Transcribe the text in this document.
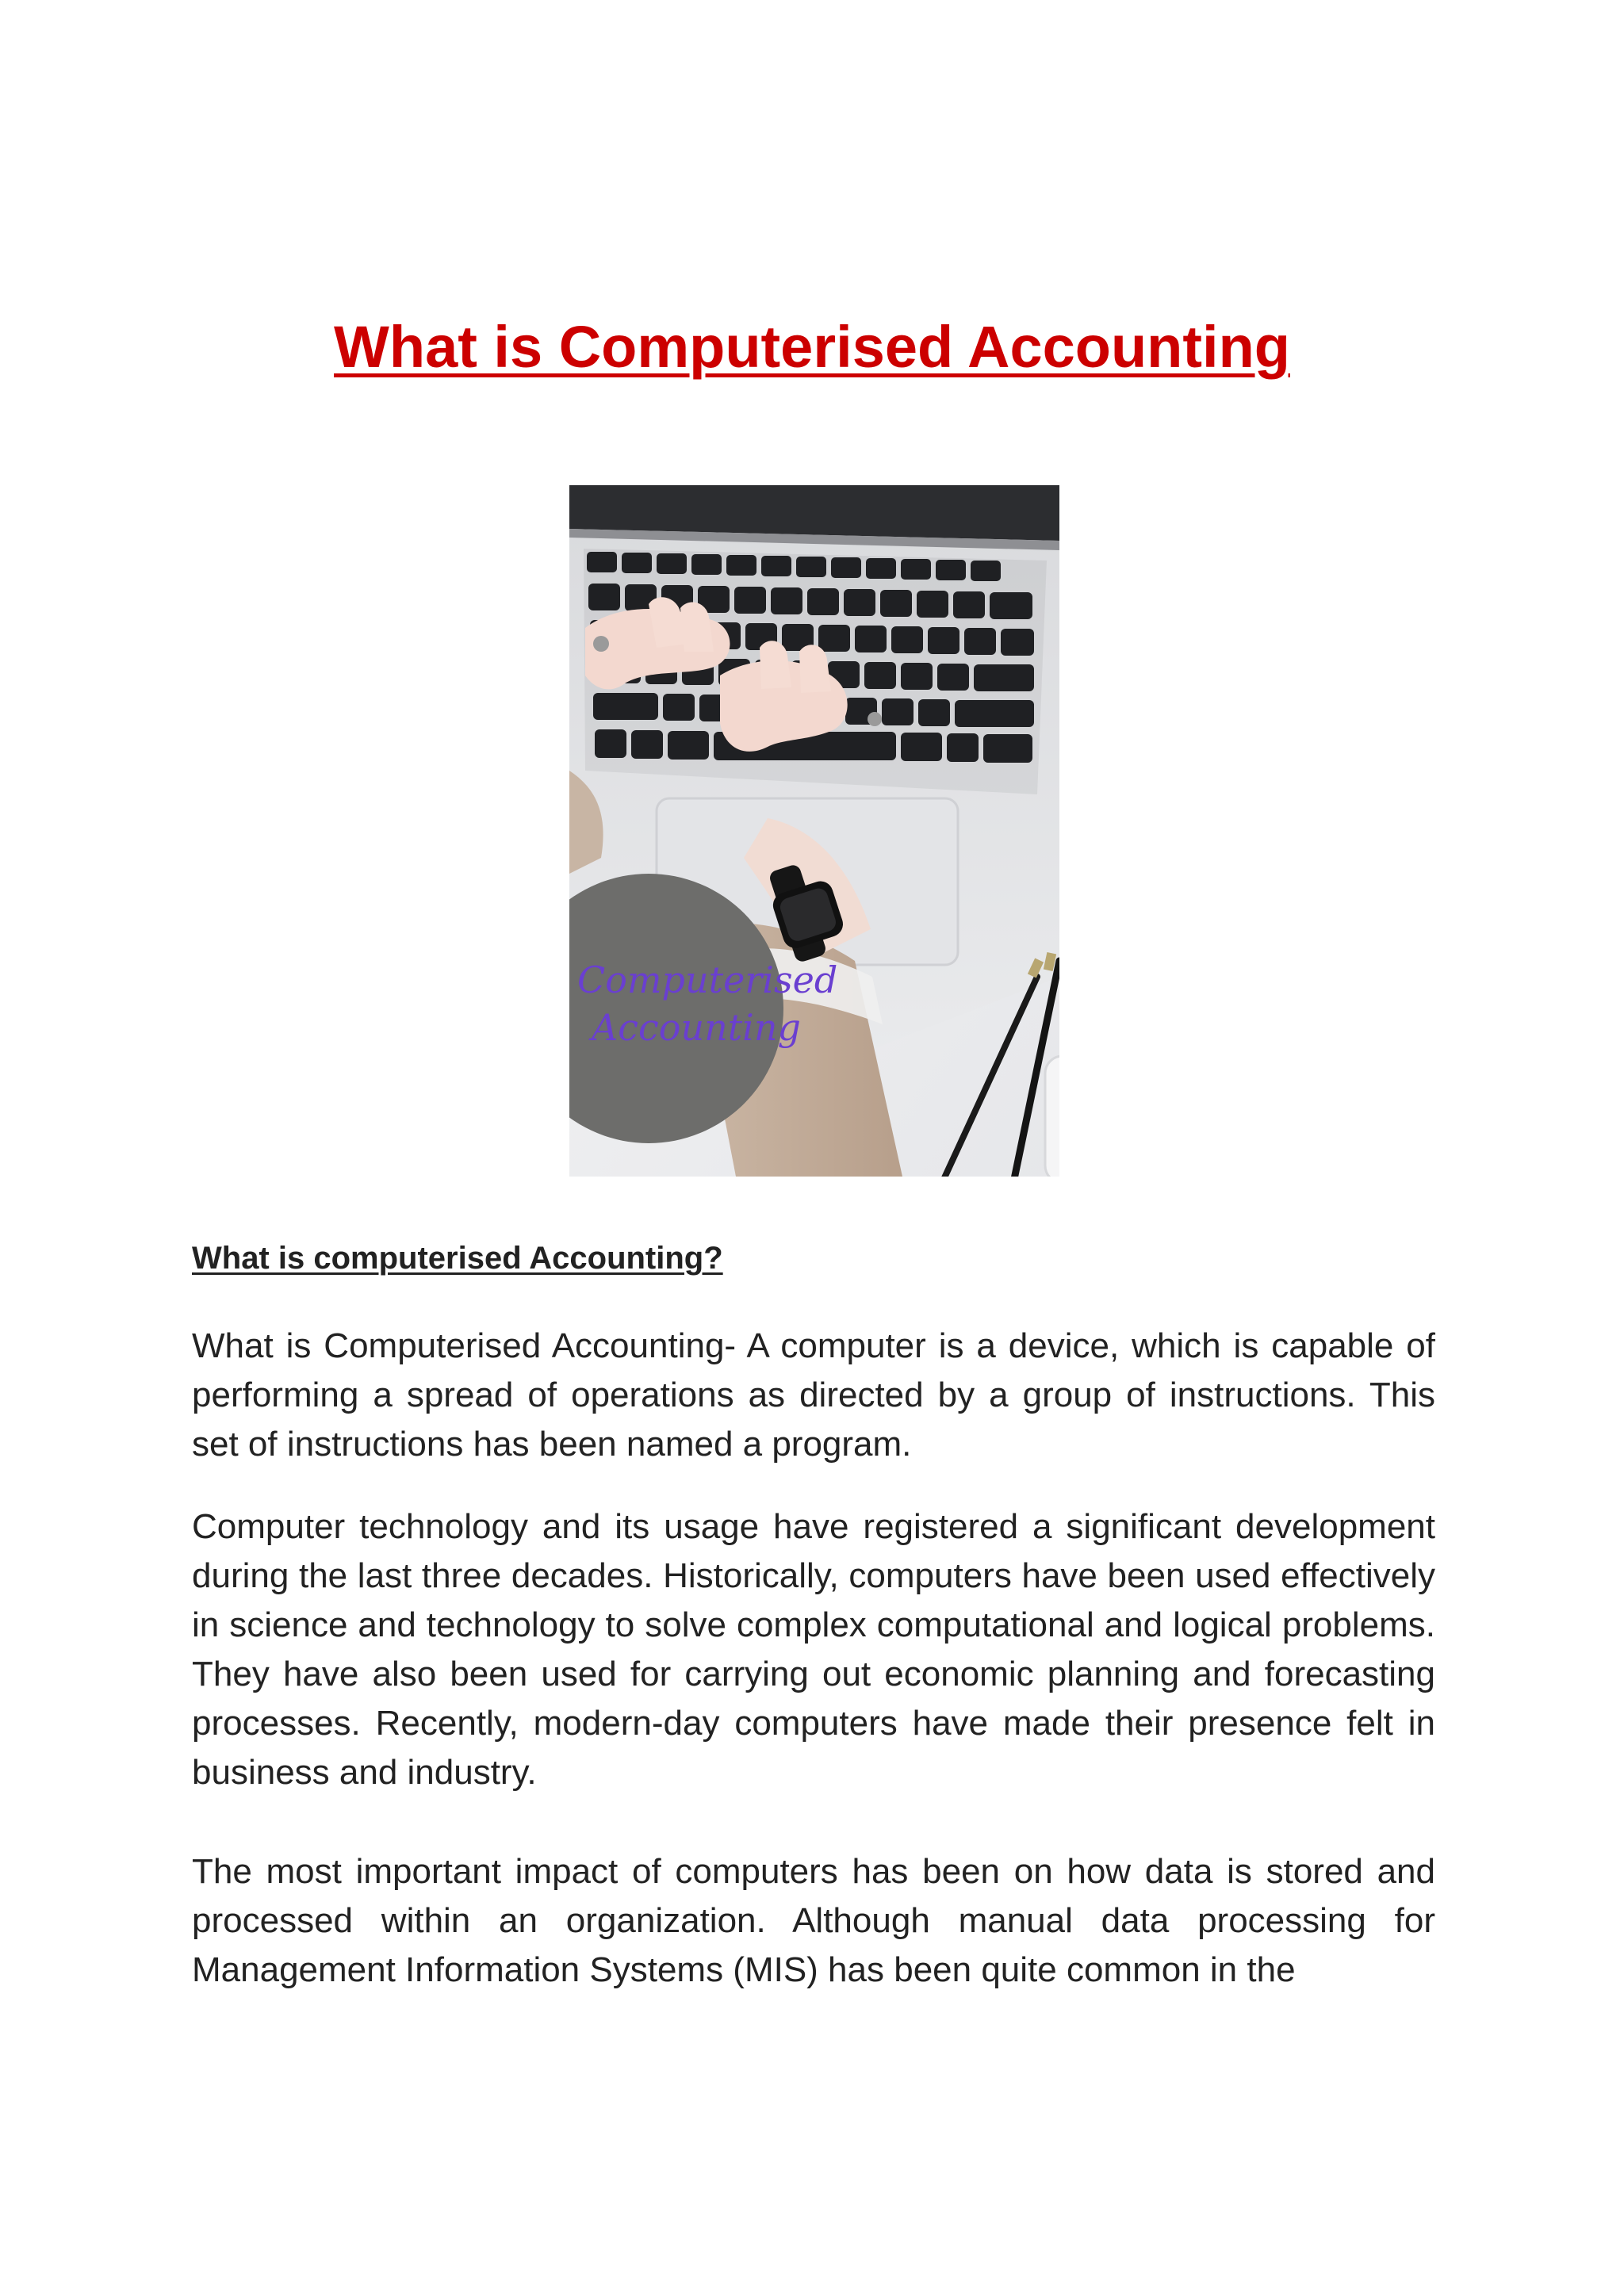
What is Computerised Accounting
Computerised
Accounting
What is computerised Accounting?

What is Computerised Accounting- A computer is a device, which is capable of performing a spread of operations as directed by a group of instructions. This set of instructions has been named a program.

Computer technology and its usage have registered a significant development during the last three decades. Historically, computers have been used effectively in science and technology to solve complex computational and logical problems. They have also been used for carrying out economic planning and forecasting processes. Recently, modern-day computers have made their presence felt in business and industry.

The most important impact of computers has been on how data is stored and processed within an organization. Although manual data processing for Management Information Systems (MIS) has been quite common in the
